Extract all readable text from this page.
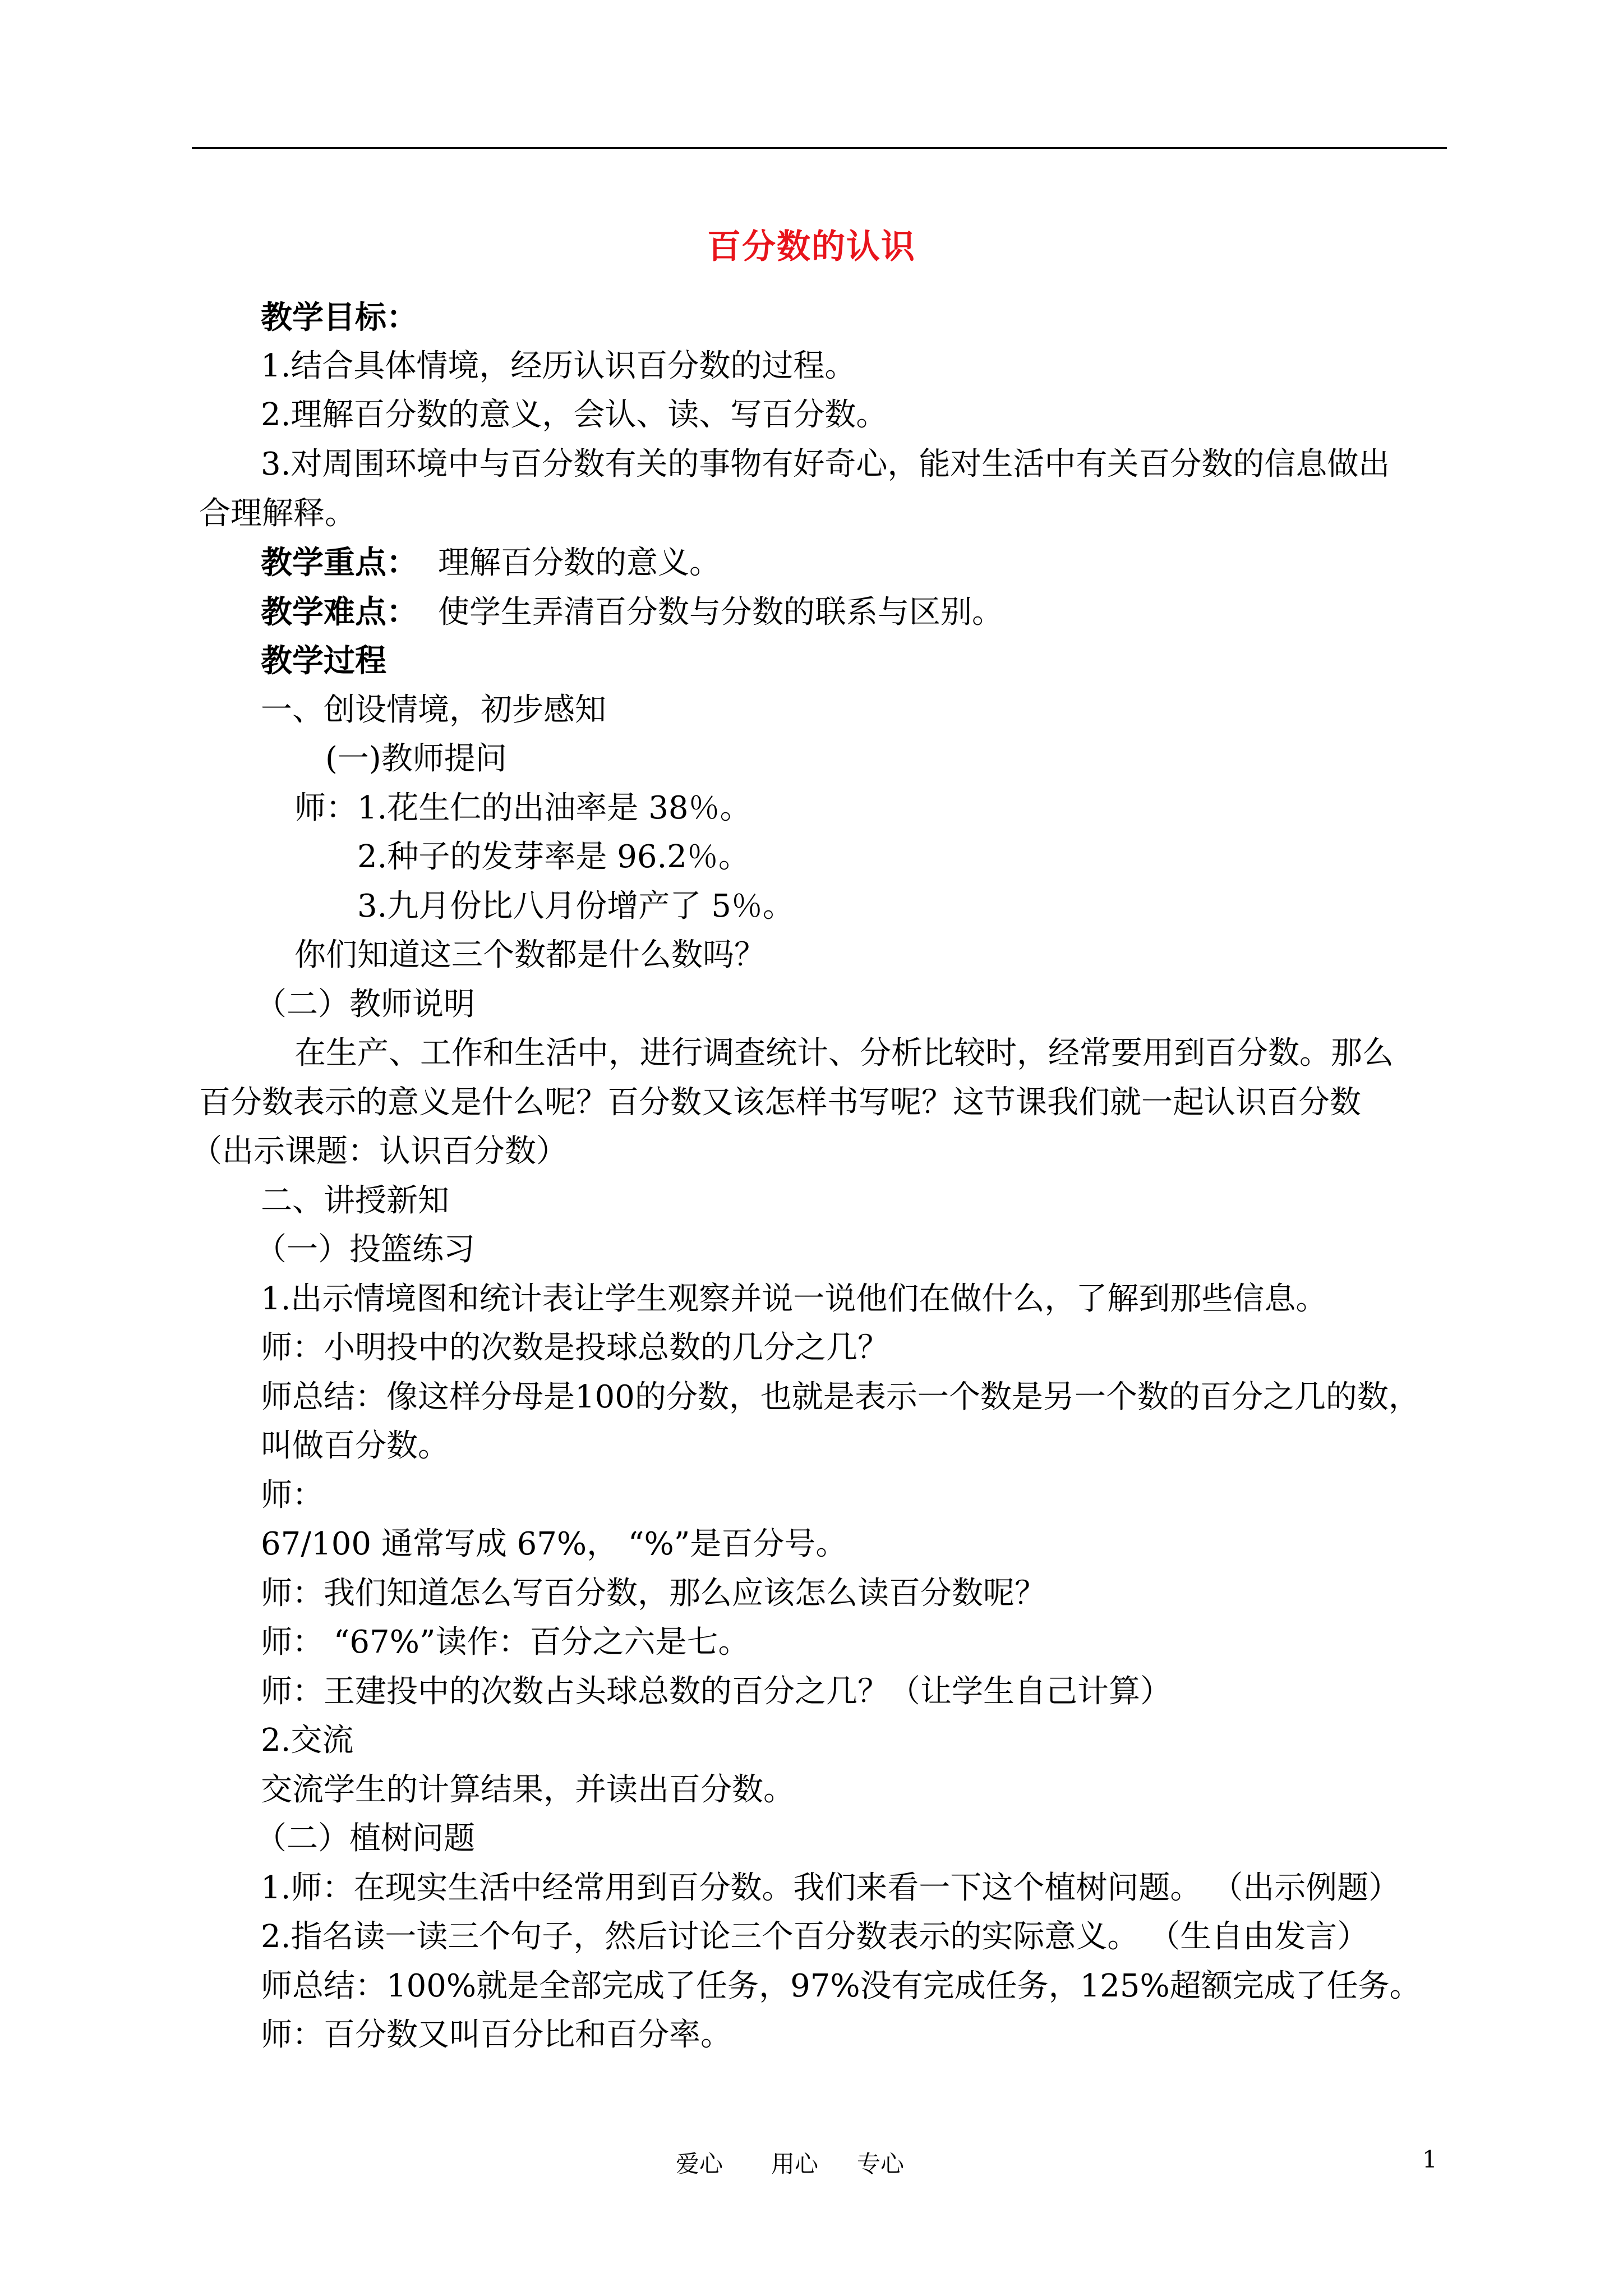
百分数的认识
教学目标：
1.结合具体情境，经历认识百分数的过程。
2.理解百分数的意义，会认、读、写百分数。
3.对周围环境中与百分数有关的事物有好奇心，能对生活中有关百分数的信息做出
合理解释。
教学重点： 理解百分数的意义。
教学难点： 使学生弄清百分数与分数的联系与区别。
教学过程
一、创设情境，初步感知
(一)教师提问
师：1.花生仁的出油率是 38％。
2.种子的发芽率是 96.2％。
3.九月份比八月份增产了 5％。
你们知道这三个数都是什么数吗？
（二）教师说明
在生产、工作和生活中，进行调查统计、分析比较时，经常要用到百分数。那么
百分数表示的意义是什么呢？百分数又该怎样书写呢？这节课我们就一起认识百分数
（出示课题：认识百分数）
二、讲授新知
（一）投篮练习
1.出示情境图和统计表让学生观察并说一说他们在做什么，了解到那些信息。
师：小明投中的次数是投球总数的几分之几？
师总结：像这样分母是100的分数，也就是表示一个数是另一个数的百分之几的数，
叫做百分数。
师：
67/100 通常写成 67%， “%”是百分号。
师：我们知道怎么写百分数，那么应该怎么读百分数呢？
师： “67%”读作：百分之六是七。
师：王建投中的次数占头球总数的百分之几？（让学生自己计算）
2.交流
交流学生的计算结果，并读出百分数。
（二）植树问题
1.师：在现实生活中经常用到百分数。我们来看一下这个植树问题。 （出示例题）
2.指名读一读三个句子，然后讨论三个百分数表示的实际意义。 （生自由发言）
师总结：100%就是全部完成了任务，97%没有完成任务，125%超额完成了任务。
师：百分数又叫百分比和百分率。
爱心 用心 专心	1
